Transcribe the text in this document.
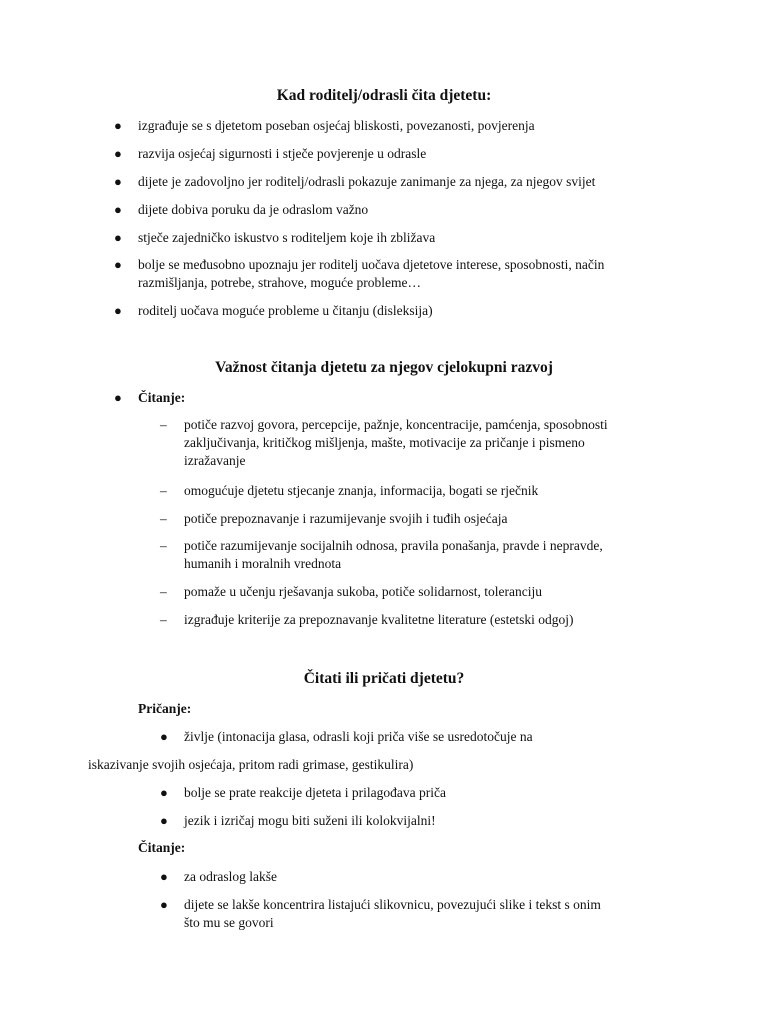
Kad roditelj/odrasli čita djetetu:
● izgrađuje se s djetetom poseban osjećaj bliskosti, povezanosti, povjerenja
● razvija osjećaj sigurnosti i stječe povjerenje u odrasle
● dijete je zadovoljno jer roditelj/odrasli pokazuje zanimanje za njega, za njegov svijet
● dijete dobiva poruku da je odraslom važno
● stječe zajedničko iskustvo s roditeljem koje ih zbližava
● bolje se međusobno upoznaju jer roditelj uočava djetetove interese, sposobnosti, način
razmišljanja, potrebe, strahove, moguće probleme…
● roditelj uočava moguće probleme u čitanju (disleksija)
Važnost čitanja djetetu za njegov cjelokupni razvoj
● Čitanje:
– potiče razvoj govora, percepcije, pažnje, koncentracije, pamćenja, sposobnosti
zaključivanja, kritičkog mišljenja, mašte, motivacije za pričanje i pismeno
izražavanje
– omogućuje djetetu stjecanje znanja, informacija, bogati se rječnik
– potiče prepoznavanje i razumijevanje svojih i tuđih osjećaja
– potiče razumijevanje socijalnih odnosa, pravila ponašanja, pravde i nepravde,
humanih i moralnih vrednota
– pomaže u učenju rješavanja sukoba, potiče solidarnost, toleranciju
– izgrađuje kriterije za prepoznavanje kvalitetne literature (estetski odgoj)
Čitati ili pričati djetetu?
Pričanje:
● življe (intonacija glasa, odrasli koji priča više se usredotočuje na
iskazivanje svojih osjećaja, pritom radi grimase, gestikulira)
● bolje se prate reakcije djeteta i prilagođava priča
● jezik i izričaj mogu biti suženi ili kolokvijalni!
Čitanje:
● za odraslog lakše
● dijete se lakše koncentrira listajući slikovnicu, povezujući slike i tekst s onim
što mu se govori
